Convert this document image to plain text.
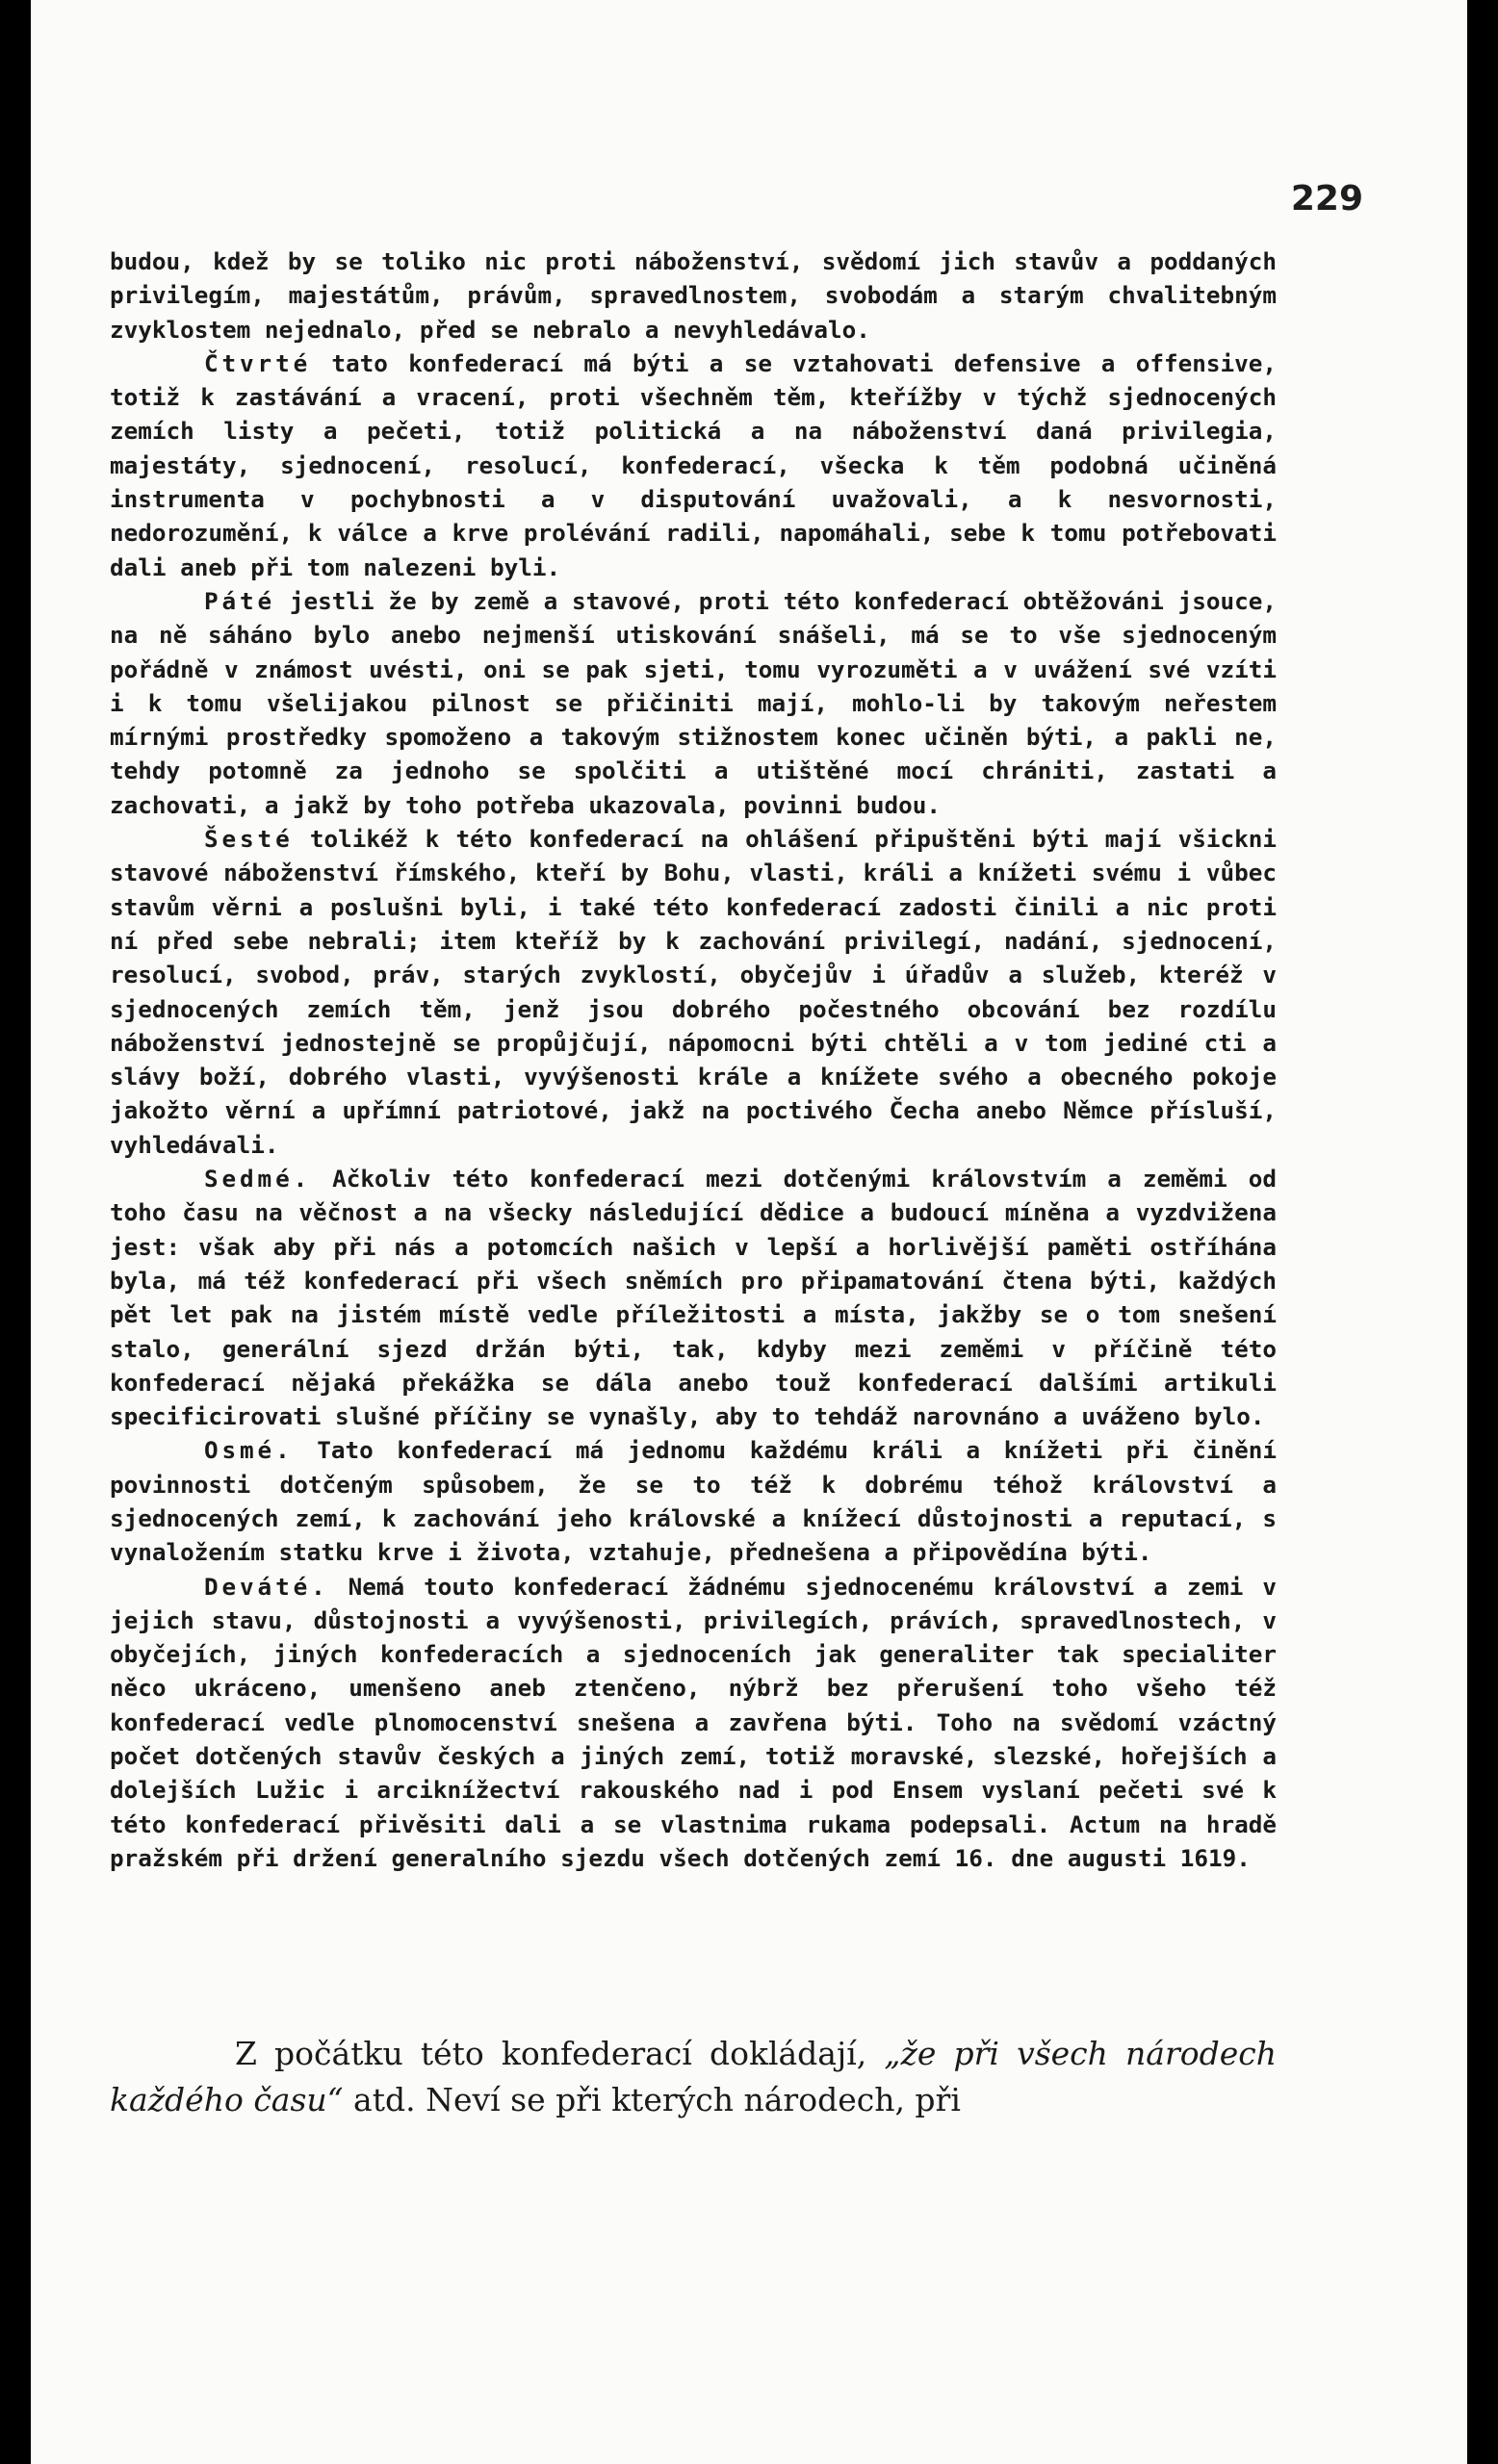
229

budou, kdež by se toliko nic proti náboženství, svědomí jich stavův a poddaných privilegím, majestátům, právům, spravedlnostem, svobodám a starým chvalitebným zvyklostem nejednalo, před se nebralo a nevyhledávalo.

Čtvrté tato konfederací má býti a se vztahovati defensive a offensive, totiž k zastávání a vracení, proti všechněm těm, kteřížby v týchž sjednocených zemích listy a pečeti, totiž politická a na náboženství daná privilegia, majestáty, sjednocení, resolucí, konfederací, všecka k těm podobná učiněná instrumenta v pochybnosti a v disputování uvažovali, a k nesvornosti, nedorozumění, k válce a krve prolévání radili, napomáhali, sebe k tomu potřebovati dali aneb při tom nalezeni byli.

Páté jestli že by země a stavové, proti této konfederací obtěžováni jsouce, na ně sáháno bylo anebo nejmenší utiskování snášeli, má se to vše sjednoceným pořádně v známost uvésti, oni se pak sjeti, tomu vyrozuměti a v uvážení své vzíti i k tomu všelijakou pilnost se přičiniti mají, mohlo-li by takovým neřestem mírnými prostředky spomoženo a takovým stižnostem konec učiněn býti, a pakli ne, tehdy potomně za jednoho se spolčiti a utištěné mocí chrániti, zastati a zachovati, a jakž by toho potřeba ukazovala, povinni budou.

Šesté tolikéž k této konfederací na ohlášení připuštěni býti mají všickni stavové náboženství římského, kteří by Bohu, vlasti, králi a knížeti svému i vůbec stavům věrni a poslušni byli, i také této konfederací zadosti činili a nic proti ní před sebe nebrali; item kteříž by k zachování privilegí, nadání, sjednocení, resolucí, svobod, práv, starých zvyklostí, obyčejův i úřadův a služeb, kteréž v sjednocených zemích těm, jenž jsou dobrého počestného obcování bez rozdílu náboženství jednostejně se propůjčují, nápomocni býti chtěli a v tom jediné cti a slávy boží, dobrého vlasti, vyvýšenosti krále a knížete svého a obecného pokoje jakožto věrní a upřímní patriotové, jakž na poctivého Čecha anebo Němce přísluší, vyhledávali.

Sedmé. Ačkoliv této konfederací mezi dotčenými královstvím a zeměmi od toho času na věčnost a na všecky následující dědice a budoucí míněna a vyzdvižena jest: však aby při nás a potomcích našich v lepší a horlivější paměti ostříhána byla, má též konfederací při všech sněmích pro připamatování čtena býti, každých pět let pak na jistém místě vedle příležitosti a místa, jakžby se o tom snešení stalo, generální sjezd držán býti, tak, kdyby mezi zeměmi v příčině této konfederací nějaká překážka se dála anebo touž konfederací dalšími artikuli specificirovati slušné příčiny se vynašly, aby to tehdáž narovnáno a uváženo bylo.

Osmé. Tato konfederací má jednomu každému králi a knížeti při činění povinnosti dotčeným spůsobem, že se to též k dobrému téhož království a sjednocených zemí, k zachování jeho královské a knížecí důstojnosti a reputací, s vynaložením statku krve i života, vztahuje, přednešena a připovědína býti.

Deváté. Nemá touto konfederací žádnému sjednocenému království a zemi v jejich stavu, důstojnosti a vyvýšenosti, privilegích, právích, spravedlnostech, v obyčejích, jiných konfederacích a sjednoceních jak generaliter tak specialiter něco ukráceno, umenšeno aneb ztenčeno, nýbrž bez přerušení toho všeho též konfederací vedle plnomocenství snešena a zavřena býti. Toho na svědomí vzáctný počet dotčených stavův českých a jiných zemí, totiž moravské, slezské, hořejších a dolejších Lužic i arciknížectví rakouského nad i pod Ensem vyslaní pečeti své k této konfederací přivěsiti dali a se vlastnima rukama podepsali. Actum na hradě pražském při držení generalního sjezdu všech dotčených zemí 16. dne augusti 1619.

Z počátku této konfederací dokládají, „že při všech národech každého času“ atd. Neví se při kterých národech, při
